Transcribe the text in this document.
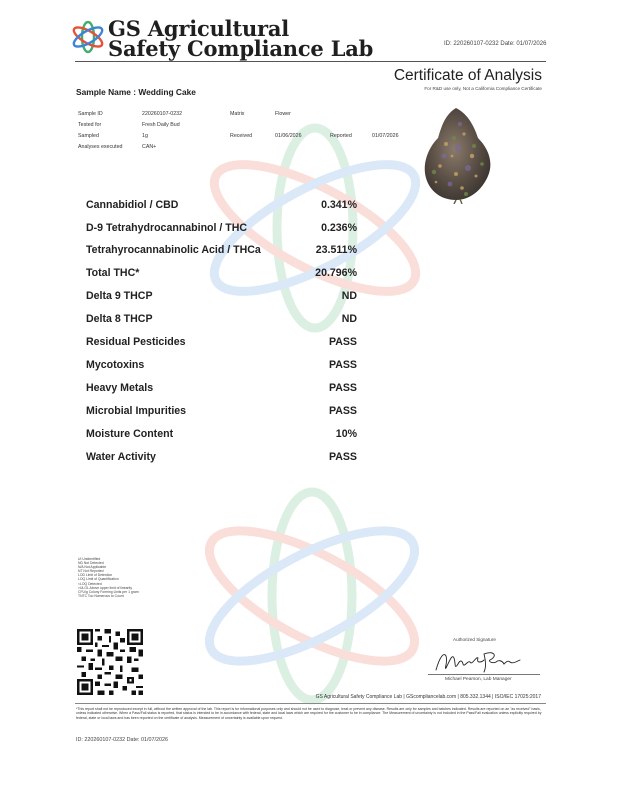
GS Agricultural
Safety Compliance Lab	ID: 220260107-0232 Date: 01/07/2026
Certificate of Analysis
For R&D use only, Not a California Compliance Certificate
Sample Name : Wedding Cake
Sample ID	220260107-0232	Matrix	Flower
Tested for	Fresh Daily Bud
Sampled	1g	Received	01/06/2026	Reported	01/07/2026
Analyses executed	CAN+
Cannabidiol / CBD	0.341%
D-9 Tetrahydrocannabinol / THC	0.236%
Tetrahyrocannabinolic Acid / THCa	23.511%
Total THC*	20.796%
Delta 9 THCP	ND
Delta 8 THCP	ND
Residual Pesticides	PASS
Mycotoxins	PASS
Heavy Metals	PASS
Microbial Impurities	PASS
Moisture Content	10%
Water Activity	PASS
UI Unidentified
ND Not Detected
N/A Not Applicable
NT Not Reported
LOD Limit of Detection
LOQ Limit of Quantification
<LOQ Detected
>ULOL Above upper limit of linearity
CFU/g Colony Forming Units per 1 gram
TNTC Too Numerous to Count
Authorized Signature
Michael Pearson, Lab Manager
GS Agricultural Safety Compliance Lab | GScompliancelab.com | 805.332.1344 | ISO/IEC 17025:2017
*This report shall not be reproduced except in full, without the written approval of the lab. This report is for informational purposes only and should not be used to diagnose, treat or prevent any disease. Results are only for samples and batches indicated. Results are reported on an "as received" basis, unless indicated otherwise. When a Pass/Fail status is reported, that status is intended to be in accordance with federal, state and local laws which are required for the customer to be in compliance. The Measurement of uncertainty is not included in the Pass/Fail evaluation unless explicitly required by federal, state or local laws and has been reported on the certificate of analysis. Measurement of uncertainty is available upon request.
ID: 220260107-0232 Date: 01/07/2026
